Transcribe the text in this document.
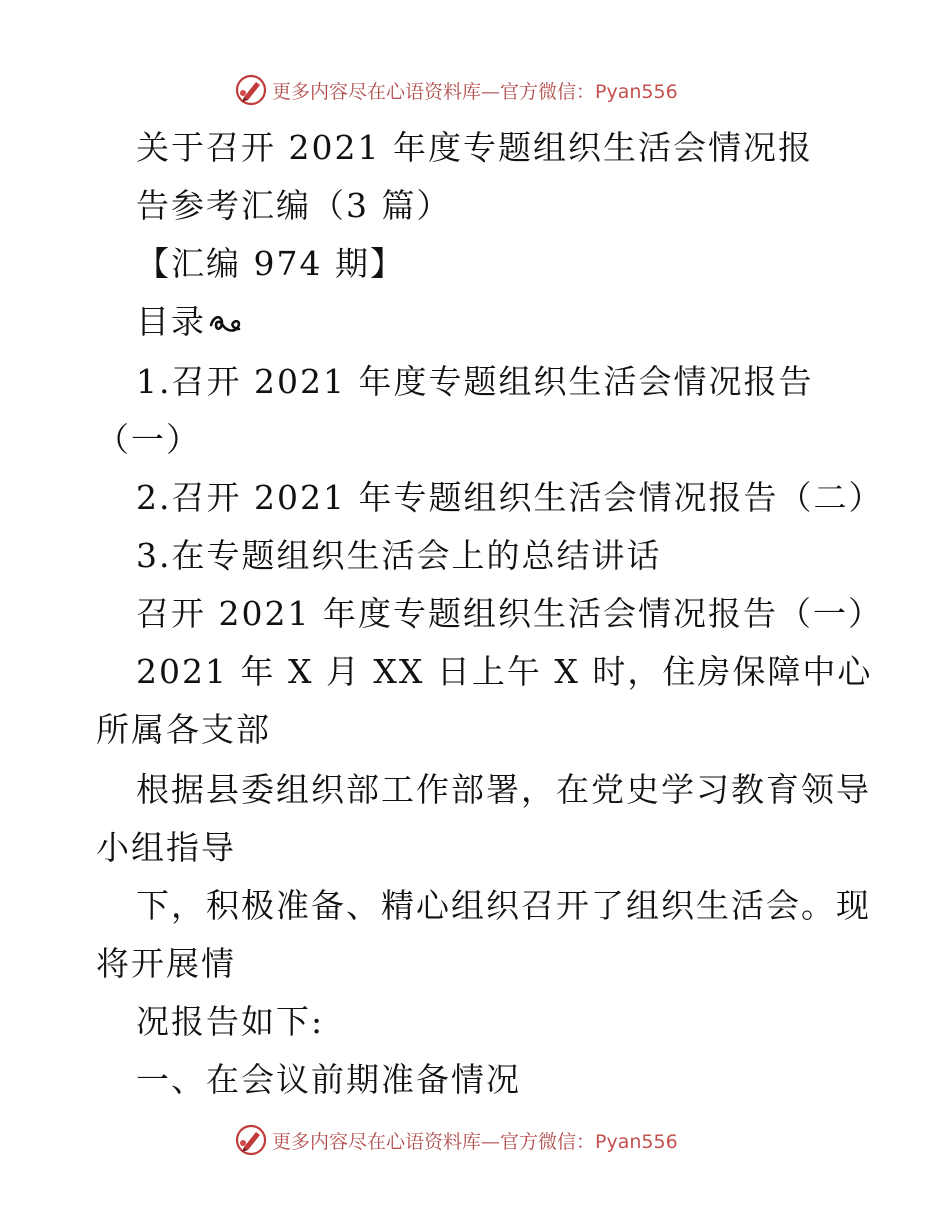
更多内容尽在心语资料库—官方微信：Pyan556
关于召开 2021 年度专题组织生活会情况报
告参考汇编（3 篇）
【汇编 974 期】
目录
1.召开 2021 年度专题组织生活会情况报告
（一）
2.召开 2021 年专题组织生活会情况报告（二）
3.在专题组织生活会上的总结讲话
召开 2021 年度专题组织生活会情况报告（一）
2021 年 X 月 XX 日上午 X 时，住房保障中心
所属各支部
根据县委组织部工作部署，在党史学习教育领导
小组指导
下，积极准备、精心组织召开了组织生活会。现
将开展情
况报告如下:
一、在会议前期准备情况
更多内容尽在心语资料库—官方微信：Pyan556
